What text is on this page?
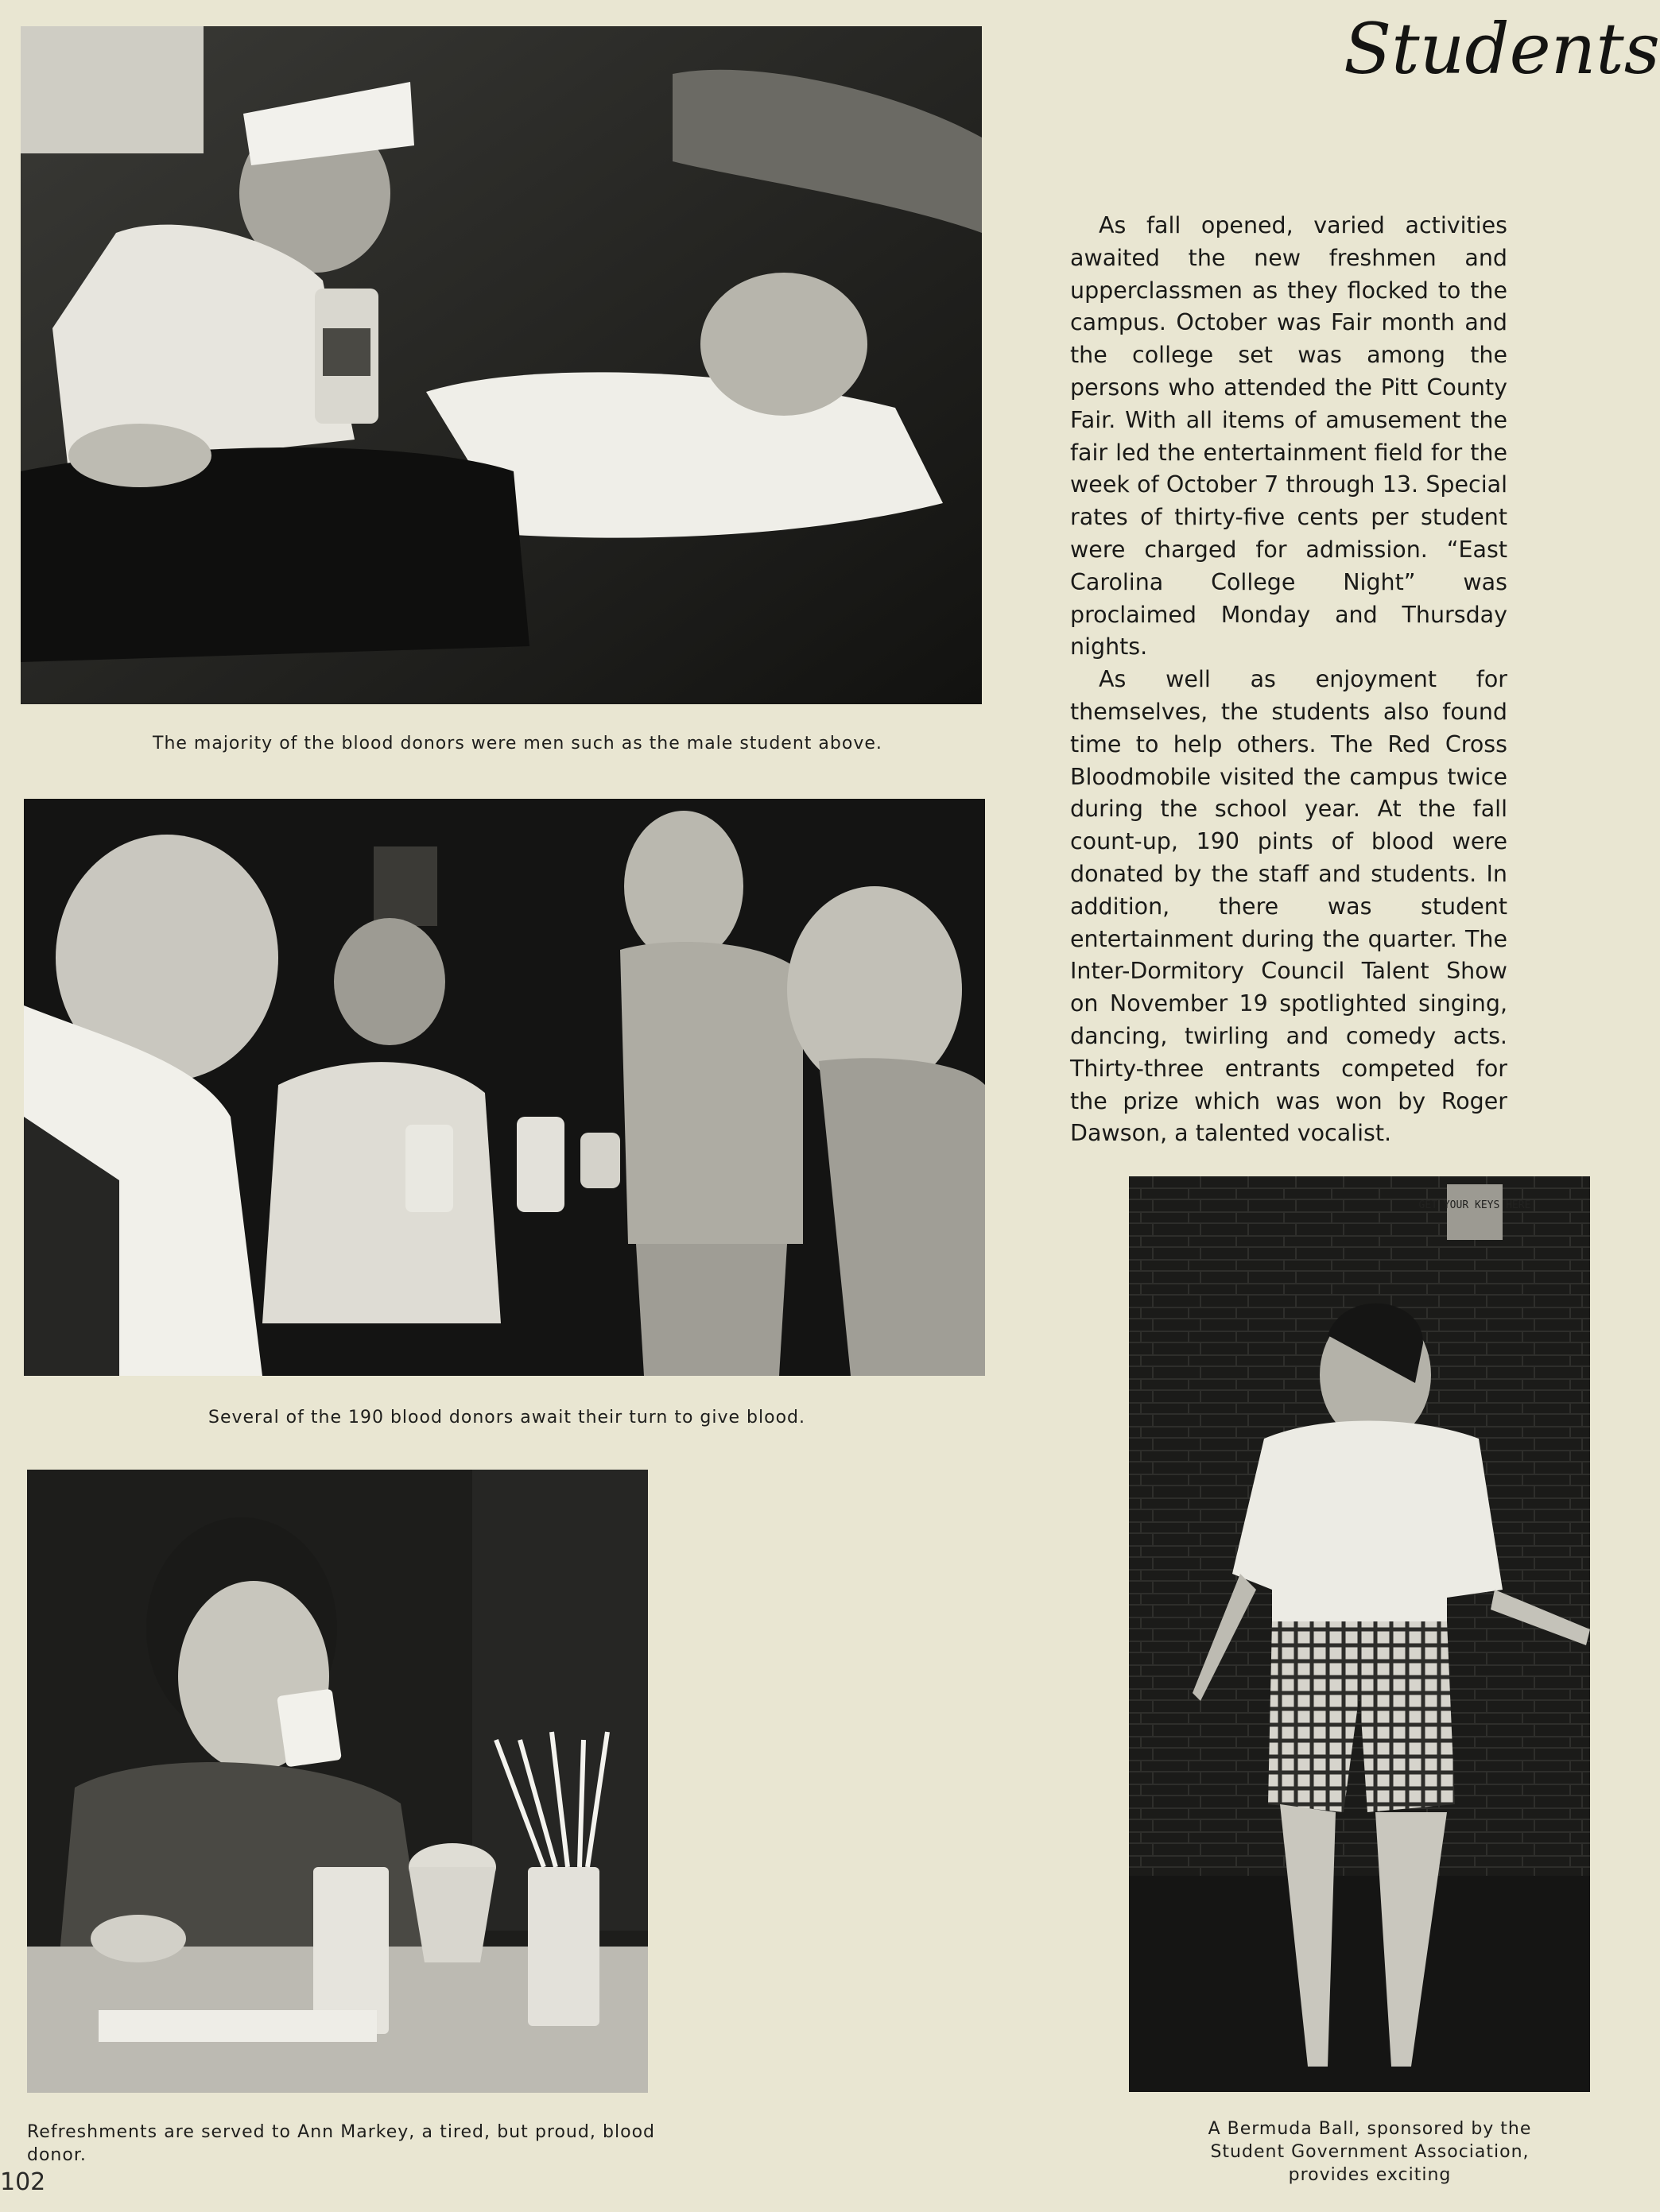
Students
The majority of the blood donors were men such as the male student above.
Several of the 190 blood donors await their turn to give blood.
Refreshments are served to Ann Markey, a tired, but proud, blood donor.
GET YOUR KEYS HERE
A Bermuda Ball, sponsored by the Student Government Association, provides exciting

As fall opened, varied activities awaited the new freshmen and upperclassmen as they flocked to the campus. October was Fair month and the college set was among the persons who attended the Pitt County Fair. With all items of amusement the fair led the entertainment field for the week of October 7 through 13. Special rates of thirty-five cents per student were charged for admission. “East Carolina College Night” was proclaimed Monday and Thursday nights.

As well as enjoyment for themselves, the students also found time to help others. The Red Cross Bloodmobile visited the campus twice during the school year. At the fall count-up, 190 pints of blood were donated by the staff and students. In addition, there was student entertainment during the quarter. The Inter-Dormitory Council Talent Show on November 19 spotlighted singing, dancing, twirling and comedy acts. Thirty-three entrants competed for the prize which was won by Roger Dawson, a talented vocalist.

102
